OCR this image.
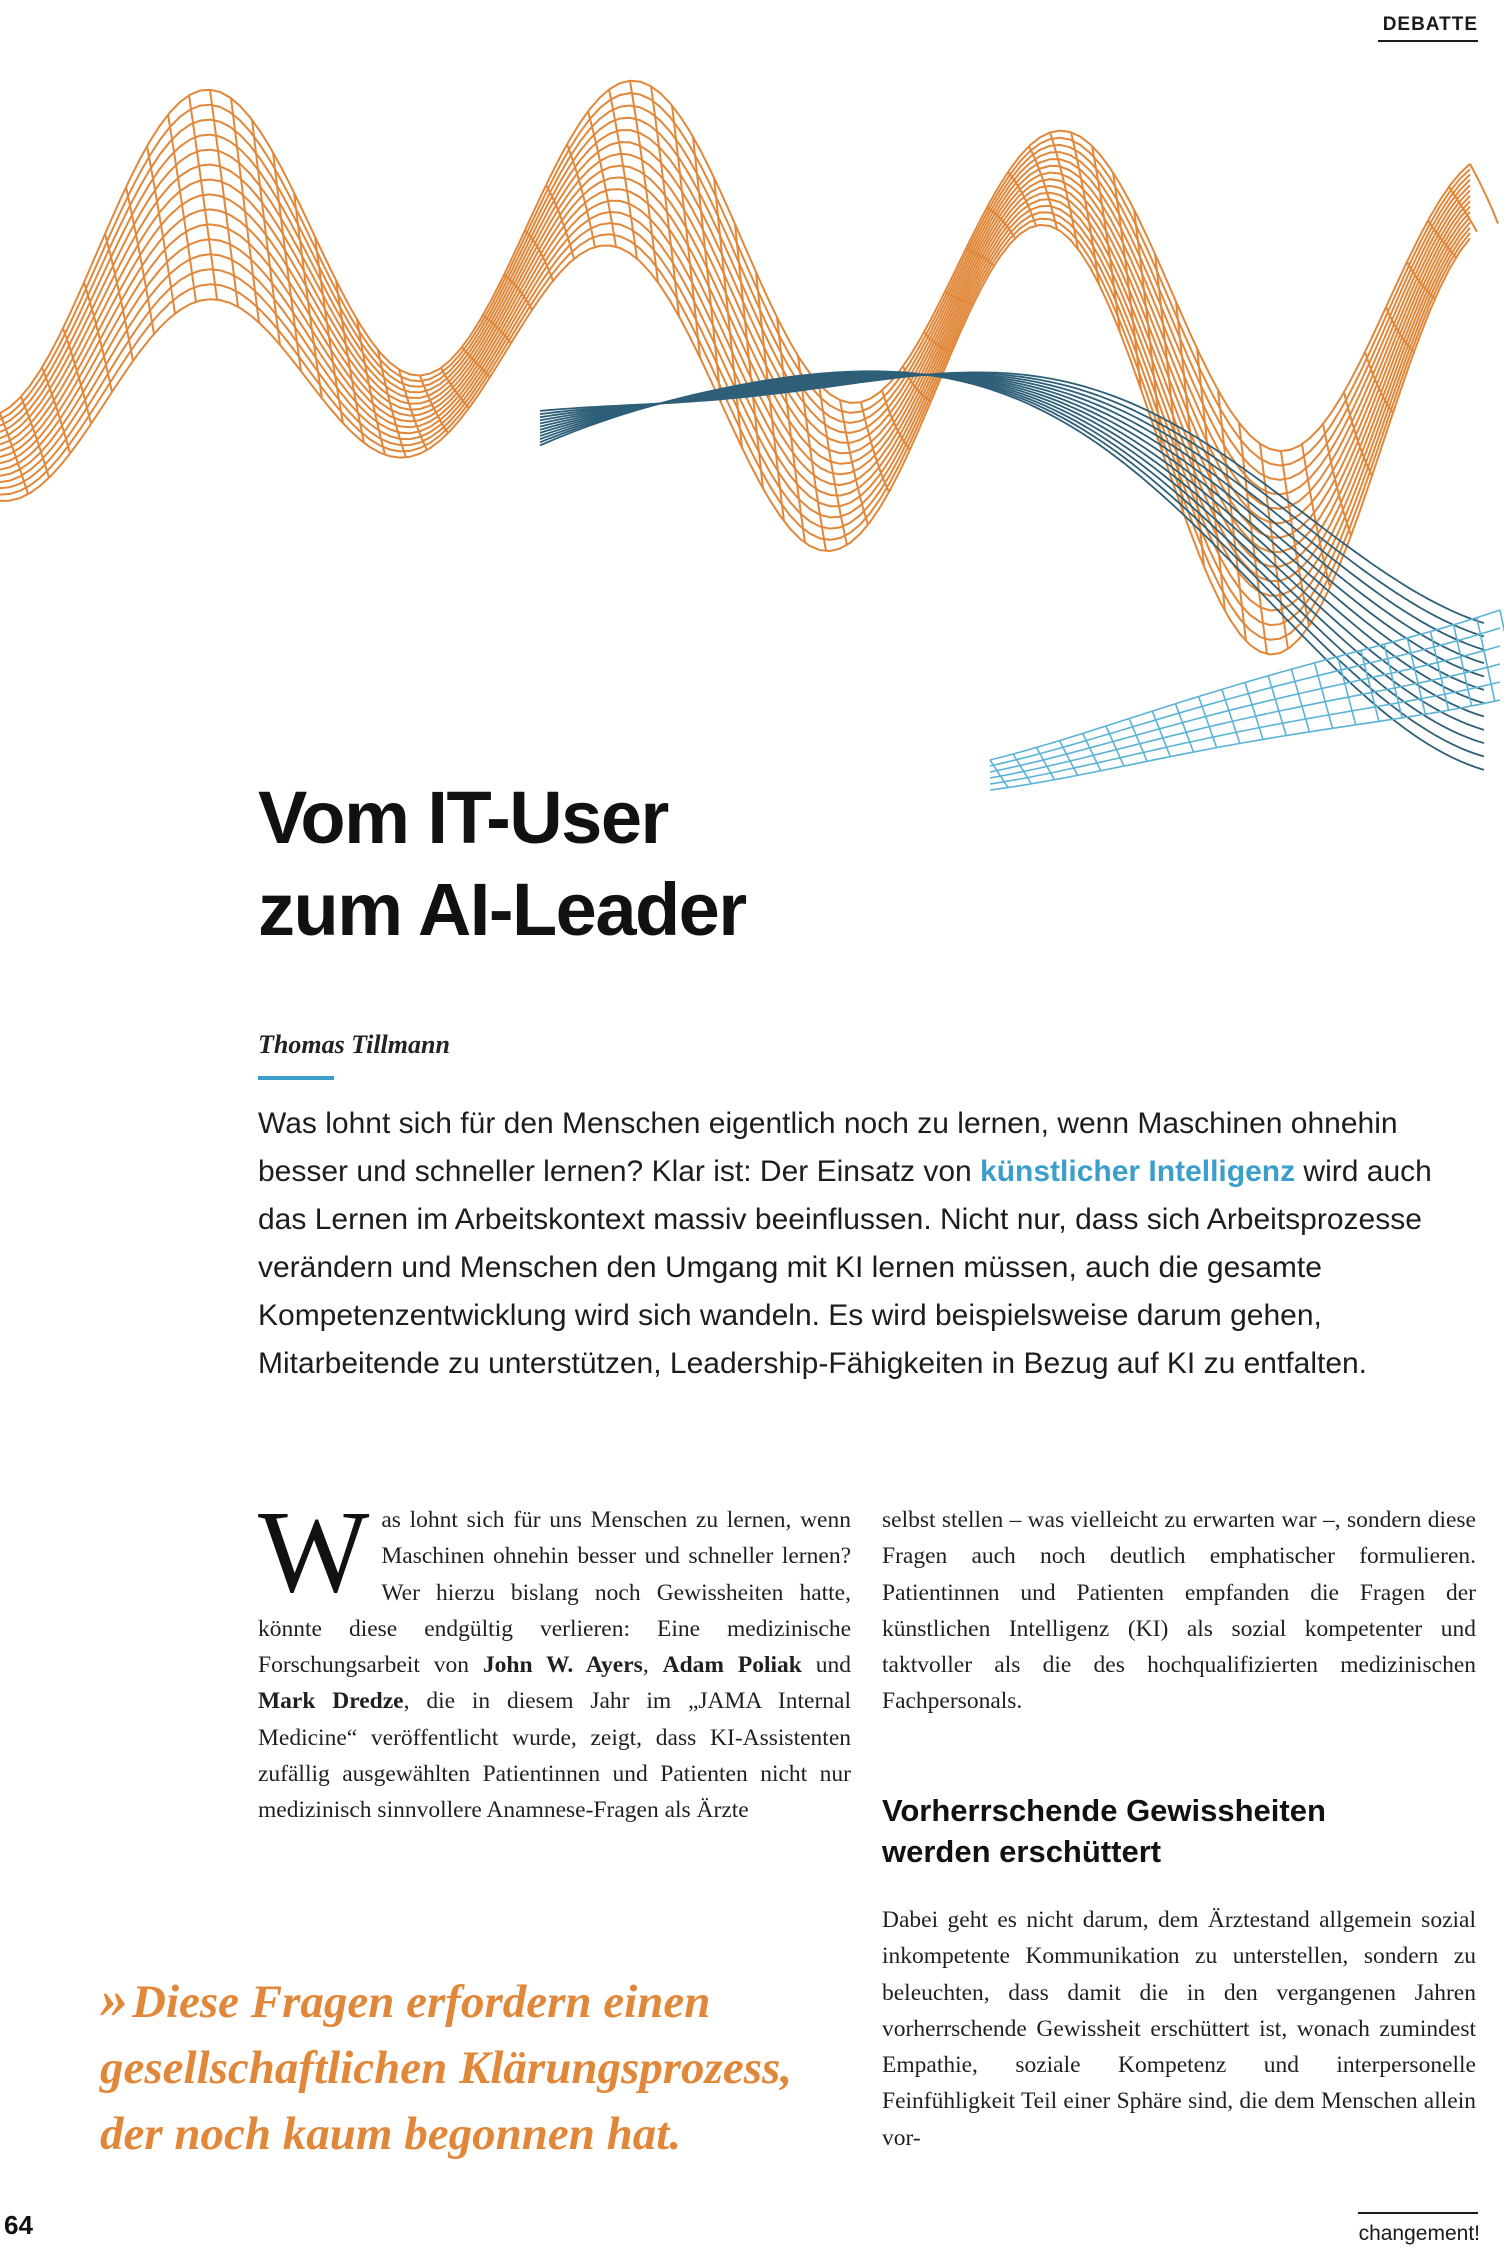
DEBATTE
Vom IT-User
zum AI-Leader
Thomas Tillmann

Was lohnt sich für den Menschen eigentlich noch zu lernen, wenn Maschinen ohnehin besser und schneller lernen? Klar ist: Der Einsatz von künstlicher Intelligenz wird auch das Lernen im Arbeitskontext massiv beeinflussen. Nicht nur, dass sich Arbeitsprozesse verändern und Menschen den Umgang mit KI lernen müssen, auch die gesamte Kompetenzentwicklung wird sich wandeln. Es wird beispielsweise darum gehen, Mitarbeitende zu unterstützen, Leadership-Fähigkeiten in Bezug auf KI zu entfalten.

Was lohnt sich für uns Menschen zu lernen, wenn Maschinen ohnehin besser und schneller lernen? Wer hierzu bislang noch Gewissheiten hatte, könnte diese endgültig verlieren: Eine medizinische Forschungsarbeit von John W. Ayers, Adam Poliak und Mark Dredze, die in diesem Jahr im „JAMA Internal Medicine“ veröffentlicht wurde, zeigt, dass KI-Assistenten zufällig ausgewählten Patientinnen und Patienten nicht nur medizinisch sinnvollere Anamnese-Fragen als Ärzte

selbst stellen – was vielleicht zu erwarten war –, sondern diese Fragen auch noch deutlich emphatischer formulieren. Patientinnen und Patienten empfanden die Fragen der künstlichen Intelligenz (KI) als sozial kompetenter und taktvoller als die des hochqualifizierten medizinischen Fachpersonals.

Vorherrschende Gewissheiten
werden erschüttert

Dabei geht es nicht darum, dem Ärztestand allgemein sozial inkompetente Kommunikation zu unterstellen, sondern zu beleuchten, dass damit die in den vergangenen Jahren vorherrschende Gewissheit erschüttert ist, wonach zumindest Empathie, soziale Kompetenz und interpersonelle Feinfühligkeit Teil einer Sphäre sind, die dem Menschen allein vor-

»Diese Fragen erfordern einen gesellschaftlichen Klärungsprozess, der noch kaum begonnen hat.
64	changement!
